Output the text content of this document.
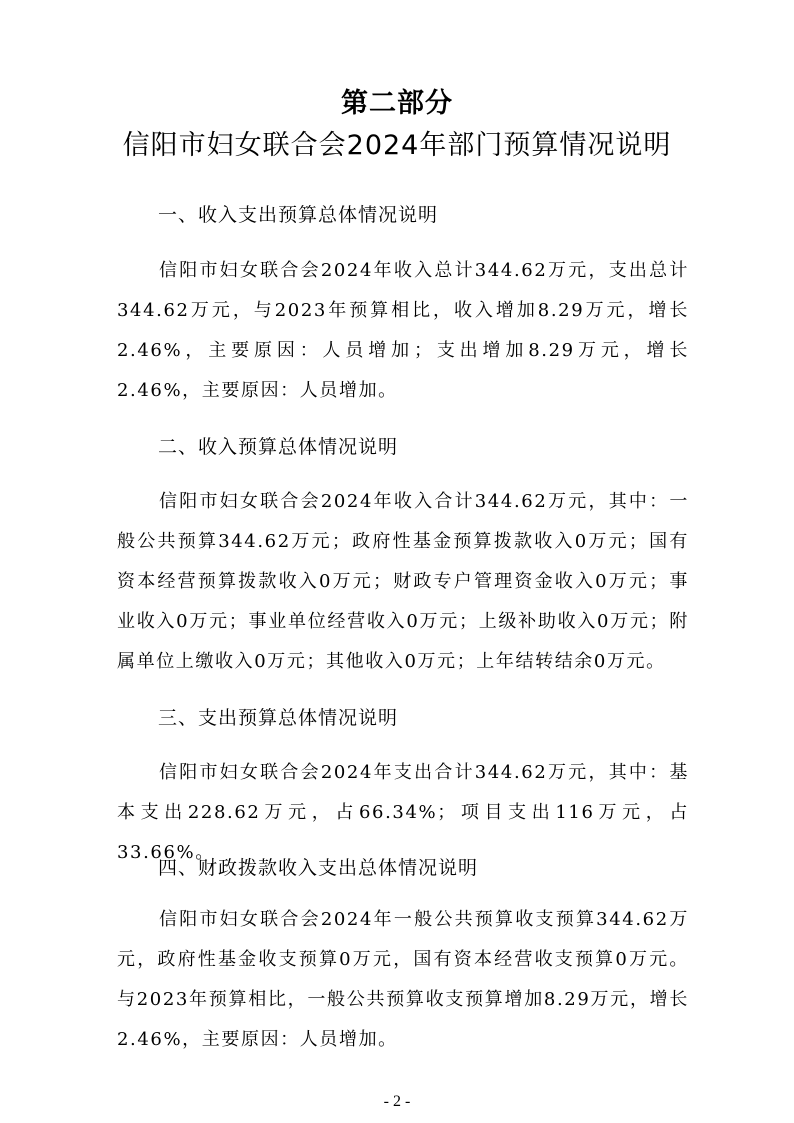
第二部分
信阳市妇女联合会2024年部门预算情况说明
一、收入支出预算总体情况说明
信阳市妇女联合会2024年收入总计344.62万元，支出总计344.62万元，与2023年预算相比，收入增加8.29万元，增长2.46%，主要原因：人员增加；支出增加8.29万元，增长2.46%，主要原因：人员增加。
二、收入预算总体情况说明
信阳市妇女联合会2024年收入合计344.62万元，其中：一般公共预算344.62万元；政府性基金预算拨款收入0万元；国有资本经营预算拨款收入0万元；财政专户管理资金收入0万元；事业收入0万元；事业单位经营收入0万元；上级补助收入0万元；附属单位上缴收入0万元；其他收入0万元；上年结转结余0万元。
三、支出预算总体情况说明
信阳市妇女联合会2024年支出合计344.62万元，其中：基本支出228.62万元，占66.34%；项目支出116万元，占33.66%。
四、财政拨款收入支出总体情况说明
信阳市妇女联合会2024年一般公共预算收支预算344.62万元，政府性基金收支预算0万元，国有资本经营收支预算0万元。与2023年预算相比，一般公共预算收支预算增加8.29万元，增长2.46%，主要原因：人员增加。
- 2 -
